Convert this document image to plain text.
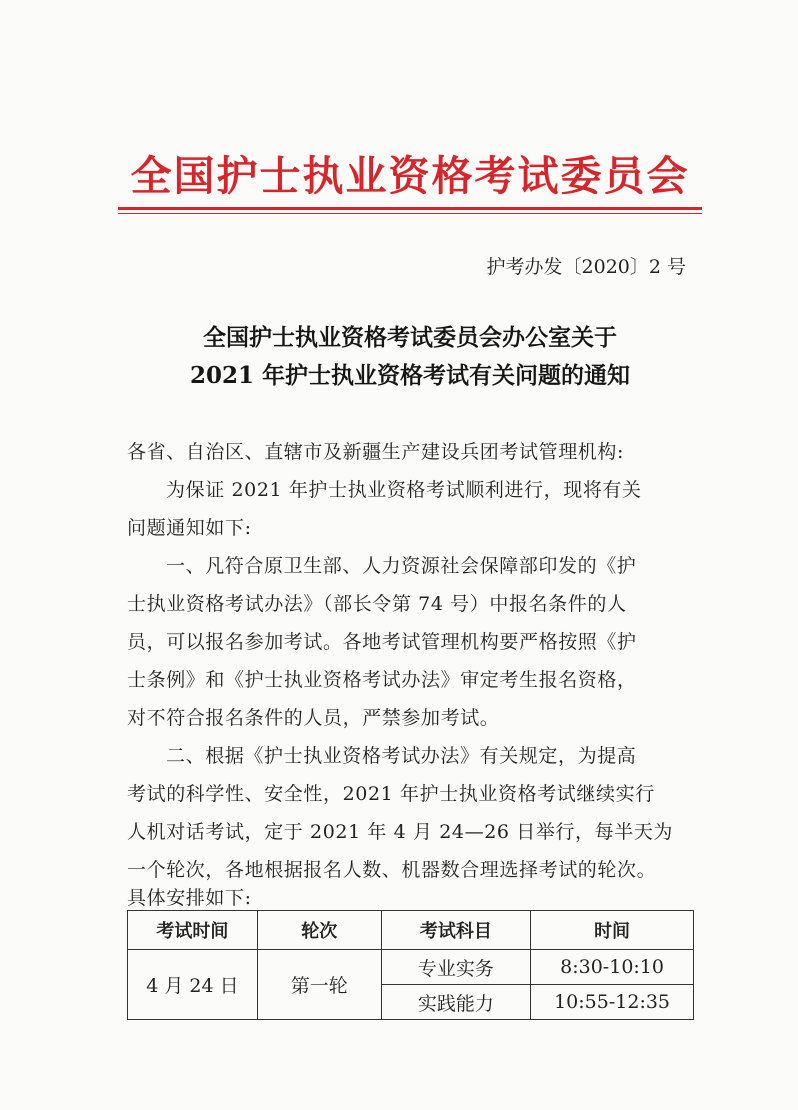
全国护士执业资格考试委员会
护考办发〔2020〕2 号
全国护士执业资格考试委员会办公室关于
2021 年护士执业资格考试有关问题的通知
各省、自治区、直辖市及新疆生产建设兵团考试管理机构:
为保证 2021 年护士执业资格考试顺利进行，现将有关
问题通知如下:
一、凡符合原卫生部、人力资源社会保障部印发的《护
士执业资格考试办法》（部长令第 74 号）中报名条件的人
员，可以报名参加考试。各地考试管理机构要严格按照《护
士条例》和《护士执业资格考试办法》审定考生报名资格，
对不符合报名条件的人员，严禁参加考试。
二、根据《护士执业资格考试办法》有关规定，为提高
考试的科学性、安全性，2021 年护士执业资格考试继续实行
人机对话考试，定于 2021 年 4 月 24—26 日举行，每半天为
一个轮次，各地根据报名人数、机器数合理选择考试的轮次。
具体安排如下:
考试时间	轮次	考试科目	时间
4 月 24 日	第一轮	专业实务	8:30-10:10
		实践能力	10:55-12:35
